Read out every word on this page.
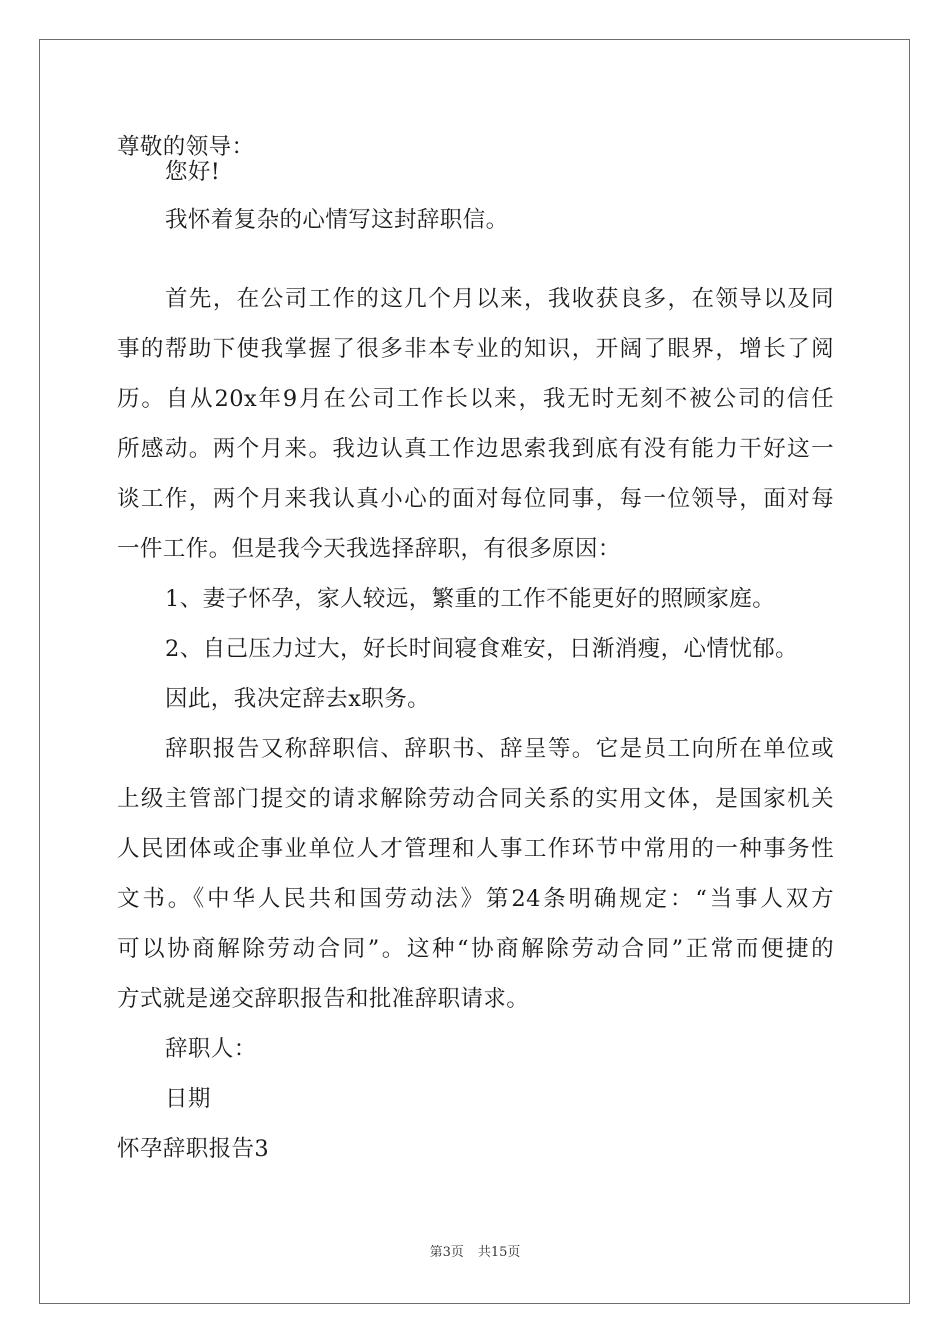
尊敬的领导：
您好!
我怀着复杂的心情写这封辞职信。
首先，在公司工作的这几个月以来，我收获良多，在领导以及同
事的帮助下使我掌握了很多非本专业的知识，开阔了眼界，增长了阅
历。自从20x年9月在公司工作长以来，我无时无刻不被公司的信任
所感动。两个月来。我边认真工作边思索我到底有没有能力干好这一
谈工作，两个月来我认真小心的面对每位同事，每一位领导，面对每
一件工作。但是我今天我选择辞职，有很多原因：
1、妻子怀孕，家人较远，繁重的工作不能更好的照顾家庭。
2、自己压力过大，好长时间寝食难安，日渐消瘦，心情忧郁。
因此，我决定辞去x职务。
辞职报告又称辞职信、辞职书、辞呈等。它是员工向所在单位或
上级主管部门提交的请求解除劳动合同关系的实用文体，是国家机关
人民团体或企事业单位人才管理和人事工作环节中常用的一种事务性
文书。《中华人民共和国劳动法》第24条明确规定：“当事人双方
可以协商解除劳动合同”。这种“协商解除劳动合同”正常而便捷的
方式就是递交辞职报告和批准辞职请求。
辞职人：
日期
怀孕辞职报告3
第3页 共15页
